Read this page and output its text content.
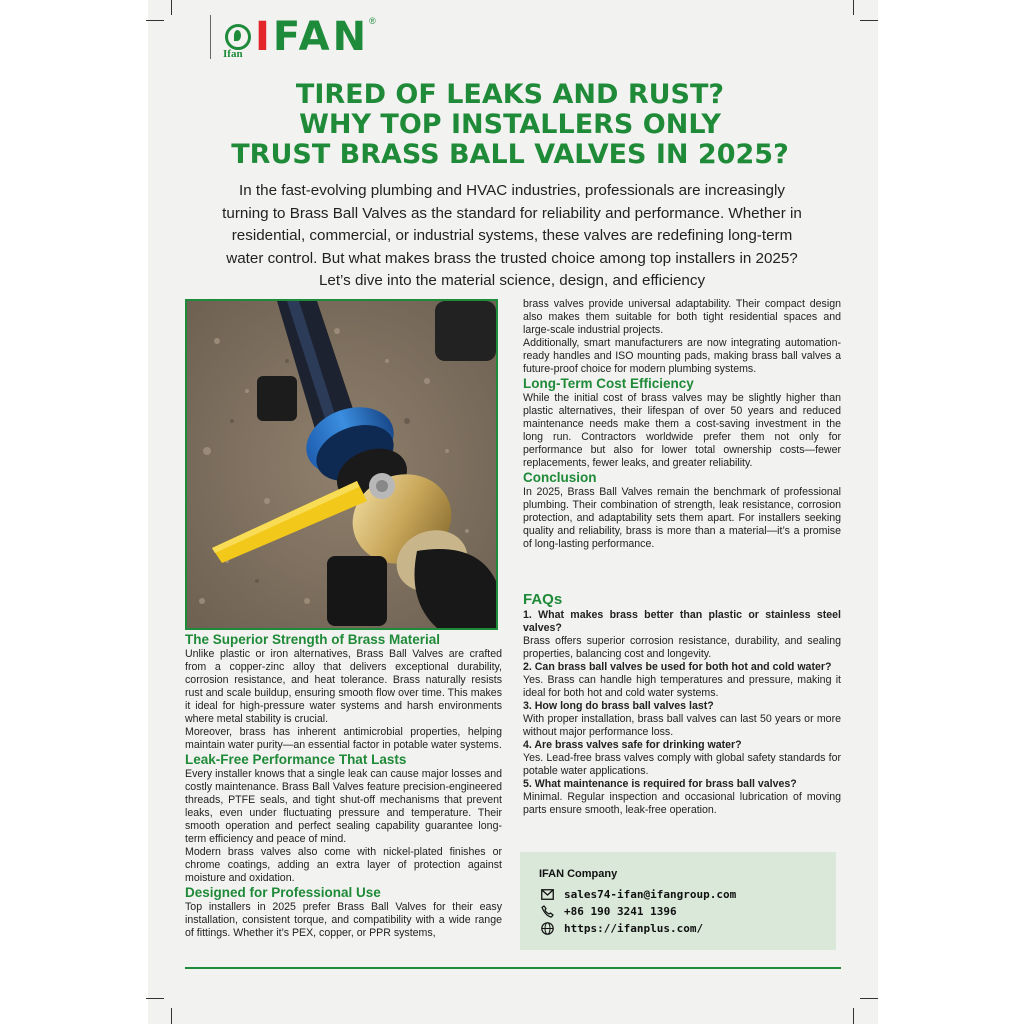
Ifan IFAN ®
TIRED OF LEAKS AND RUST?
WHY TOP INSTALLERS ONLY
TRUST BRASS BALL VALVES IN 2025?
In the fast-evolving plumbing and HVAC industries, professionals are increasingly turning to Brass Ball Valves as the standard for reliability and performance. Whether in residential, commercial, or industrial systems, these valves are redefining long-term water control. But what makes brass the trusted choice among top installers in 2025? Let’s dive into the material science, design, and efficiency

The Superior Strength of Brass Material

Unlike plastic or iron alternatives, Brass Ball Valves are crafted from a copper-zinc alloy that delivers exceptional durability, corrosion resistance, and heat tolerance. Brass naturally resists rust and scale buildup, ensuring smooth flow over time. This makes it ideal for high-pressure water systems and harsh environments where metal stability is crucial.

Moreover, brass has inherent antimicrobial properties, helping maintain water purity—an essential factor in potable water systems.

Leak-Free Performance That Lasts

Every installer knows that a single leak can cause major losses and costly maintenance. Brass Ball Valves feature precision-engineered threads, PTFE seals, and tight shut-off mechanisms that prevent leaks, even under fluctuating pressure and temperature. Their smooth operation and perfect sealing capability guarantee long-term efficiency and peace of mind.

Modern brass valves also come with nickel-plated finishes or chrome coatings, adding an extra layer of protection against moisture and oxidation.

Designed for Professional Use

Top installers in 2025 prefer Brass Ball Valves for their easy installation, consistent torque, and compatibility with a wide range of fittings. Whether it’s PEX, copper, or PPR systems,

brass valves provide universal adaptability. Their compact design also makes them suitable for both tight residential spaces and large-scale industrial projects.

Additionally, smart manufacturers are now integrating automation-ready handles and ISO mounting pads, making brass ball valves a future-proof choice for modern plumbing systems.

Long-Term Cost Efficiency

While the initial cost of brass valves may be slightly higher than plastic alternatives, their lifespan of over 50 years and reduced maintenance needs make them a cost-saving investment in the long run. Contractors worldwide prefer them not only for performance but also for lower total ownership costs—fewer replacements, fewer leaks, and greater reliability.

Conclusion

In 2025, Brass Ball Valves remain the benchmark of professional plumbing. Their combination of strength, leak resistance, corrosion protection, and adaptability sets them apart. For installers seeking quality and reliability, brass is more than a material—it’s a promise of long-lasting performance.

FAQs

1. What makes brass better than plastic or stainless steel valves?

Brass offers superior corrosion resistance, durability, and sealing properties, balancing cost and longevity.

2. Can brass ball valves be used for both hot and cold water?

Yes. Brass can handle high temperatures and pressure, making it ideal for both hot and cold water systems.

3. How long do brass ball valves last?

With proper installation, brass ball valves can last 50 years or more without major performance loss.

4. Are brass valves safe for drinking water?

Yes. Lead-free brass valves comply with global safety standards for potable water applications.

5. What maintenance is required for brass ball valves?

Minimal. Regular inspection and occasional lubrication of moving parts ensure smooth, leak-free operation.

IFAN Company
sales74-ifan@ifangroup.com
+86 190 3241 1396
https://ifanplus.com/
